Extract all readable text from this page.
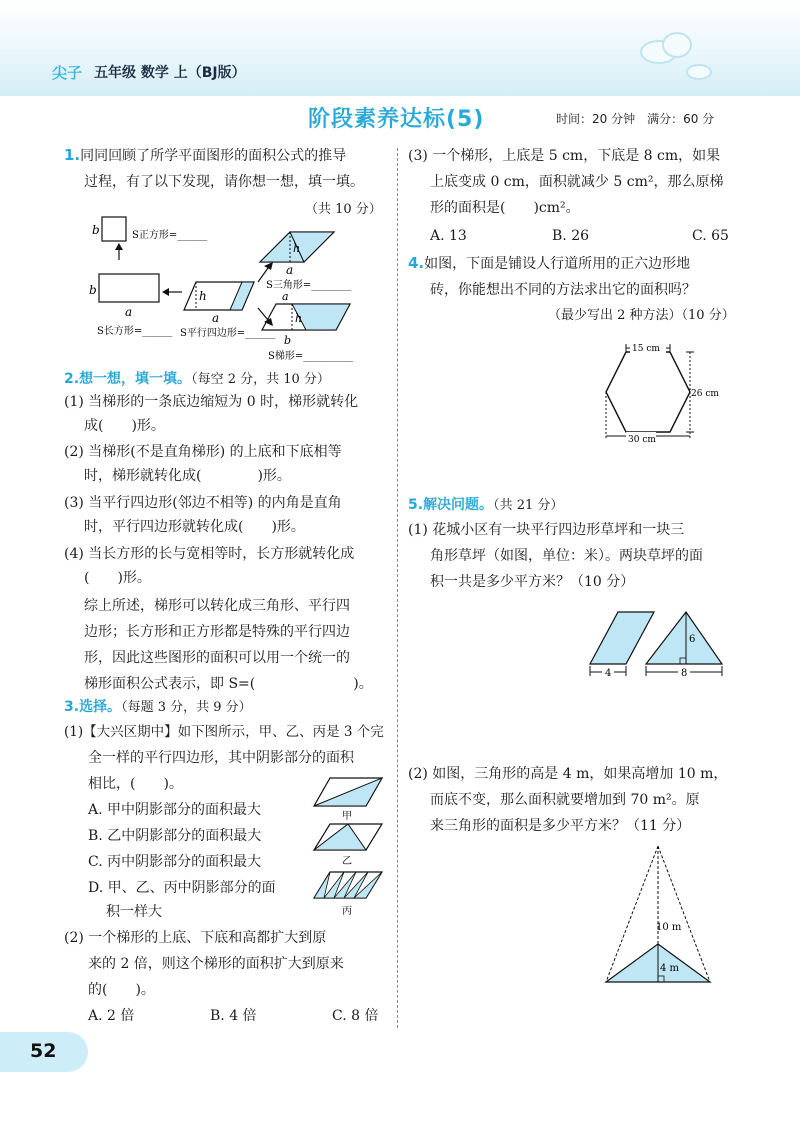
尖子 五年级 数学 上（BJ版）
阶段素养达标(5)	时间：20 分钟　满分：60 分
1.同同回顾了所学平面图形的面积公式的推导
过程，有了以下发现，请你想一想，填一填。
（共 10 分）
b	S正方形=______
b
a
S长方形=______
h
a
S平行四边形=______
h
a
S三角形=________
a
h
b
S梯形=__________
2.想一想，填一填。（每空 2 分，共 10 分）
(1) 当梯形的一条底边缩短为 0 时，梯形就转化
成(　　)形。
(2) 当梯形(不是直角梯形) 的上底和下底相等
时，梯形就转化成(　　　　)形。
(3) 当平行四边形(邻边不相等) 的内角是直角
时，平行四边形就转化成(　　)形。
(4) 当长方形的长与宽相等时，长方形就转化成
(　　)形。
综上所述，梯形可以转化成三角形、平行四
边形；长方形和正方形都是特殊的平行四边
形，因此这些图形的面积可以用一个统一的
梯形面积公式表示，即 S=(　　　　　　　)。
3.选择。（每题 3 分，共 9 分）
(1)【大兴区期中】如下图所示，甲、乙、丙是 3 个完
全一样的平行四边形，其中阴影部分的面积
相比，(　　)。
A. 甲中阴影部分的面积最大
B. 乙中阴影部分的面积最大
C. 丙中阴影部分的面积最大
D. 甲、乙、丙中阴影部分的面
积一样大
甲
乙
丙
(2) 一个梯形的上底、下底和高都扩大到原
来的 2 倍，则这个梯形的面积扩大到原来
的(　　)。
A. 2 倍	B. 4 倍	C. 8 倍
(3) 一个梯形，上底是 5 cm，下底是 8 cm，如果
上底变成 0 cm，面积就减少 5 cm²，那么原梯
形的面积是(　　)cm²。
A. 13	B. 26	C. 65
4.如图，下面是铺设人行道所用的正六边形地
砖，你能想出不同的方法求出它的面积吗？
（最少写出 2 种方法）（10 分）
15 cm
26 cm
30 cm
5.解决问题。（共 21 分）
(1) 花城小区有一块平行四边形草坪和一块三
角形草坪（如图，单位：米）。两块草坪的面
积一共是多少平方米？（10 分）
6
4	8
(2) 如图，三角形的高是 4 m，如果高增加 10 m，
而底不变，那么面积就要增加到 70 m²。原
来三角形的面积是多少平方米？（11 分）
10 m
4 m
52
